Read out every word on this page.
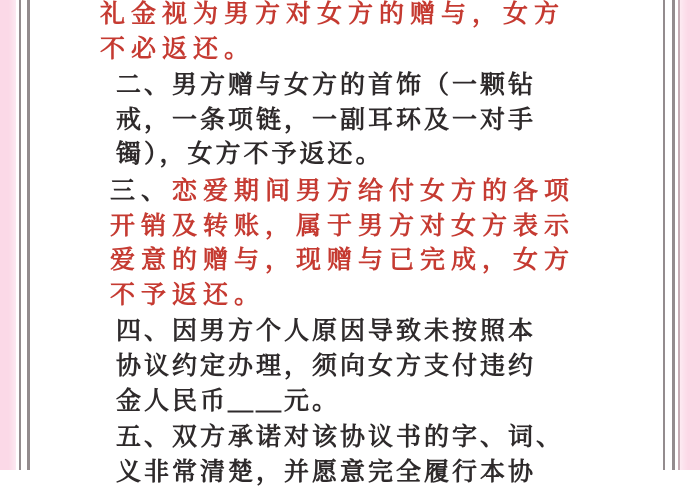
礼金视为男方对女方的赠与，女方
不必返还。
二、男方赠与女方的首饰（一颗钻
戒，一条项链，一副耳环及一对手
镯），女方不予返还。
三、恋爱期间男方给付女方的各项
开销及转账，属于男方对女方表示
爱意的赠与，现赠与已完成，女方
不予返还。
四、因男方个人原因导致未按照本
协议约定办理，须向女方支付违约
金人民币＿＿元。
五、双方承诺对该协议书的字、词、
义非常清楚，并愿意完全履行本协
